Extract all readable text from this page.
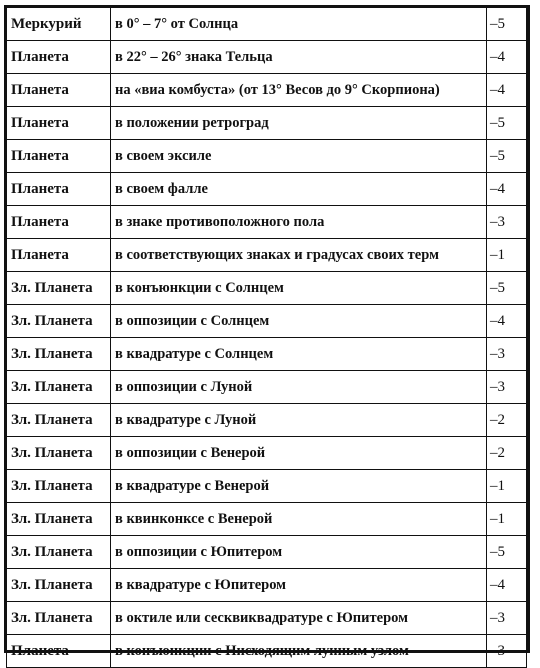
Меркурий	в 0° – 7° от Солнца	–5
Планета	в 22° – 26° знака Тельца	–4
Планета	на «виа комбуста» (от 13° Весов до 9° Скорпиона)	–4
Планета	в положении ретроград	–5
Планета	в своем эксиле	–5
Планета	в своем фалле	–4
Планета	в знаке противоположного пола	–3
Планета	в соответствующих знаках и градусах своих терм	–1
Зл. Планета	в конъюнкции с Солнцем	–5
Зл. Планета	в оппозиции с Солнцем	–4
Зл. Планета	в квадратуре с Солнцем	–3
Зл. Планета	в оппозиции с Луной	–3
Зл. Планета	в квадратуре с Луной	–2
Зл. Планета	в оппозиции с Венерой	–2
Зл. Планета	в квадратуре с Венерой	–1
Зл. Планета	в квинконксе с Венерой	–1
Зл. Планета	в оппозиции с Юпитером	–5
Зл. Планета	в квадратуре с Юпитером	–4
Зл. Планета	в октиле или сесквиквадратуре с Юпитером	–3
Планета	в конъюнкции с Нисходящим лунным узлом	–3
